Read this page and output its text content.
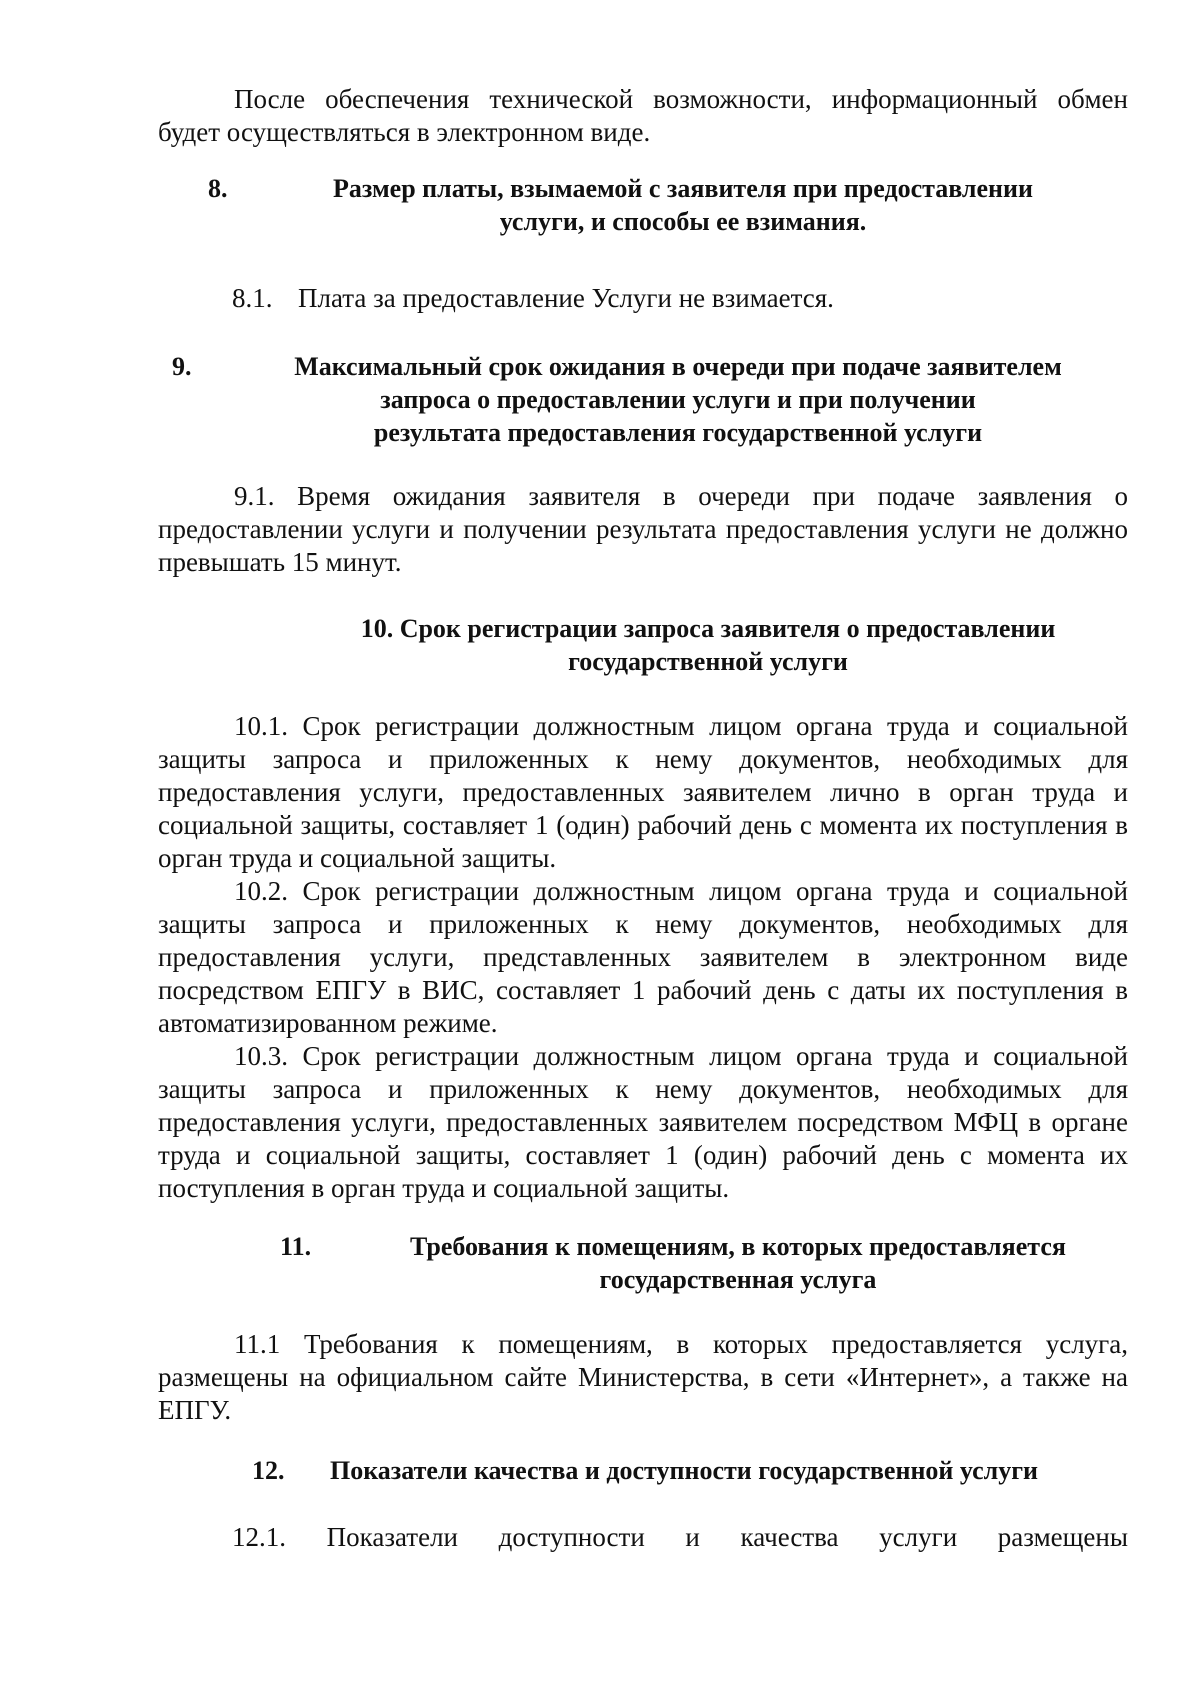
После обеспечения технической возможности, информационный обмен будет осуществляться в электронном виде.
8.	Размер платы, взымаемой с заявителя при предоставлении
услуги, и способы ее взимания.
8.1. Плата за предоставление Услуги не взимается.
9.	Максимальный срок ожидания в очереди при подаче заявителем
запроса о предоставлении услуги и при получении
результата предоставления государственной услуги
9.1. Время ожидания заявителя в очереди при подаче заявления о предоставлении услуги и получении результата предоставления услуги не должно превышать 15 минут.
10. Срок регистрации запроса заявителя о предоставлении
государственной услуги
10.1. Срок регистрации должностным лицом органа труда и социальной защиты запроса и приложенных к нему документов, необходимых для предоставления услуги, предоставленных заявителем лично в орган труда и социальной защиты, составляет 1 (один) рабочий день с момента их поступления в орган труда и социальной защиты.
10.2. Срок регистрации должностным лицом органа труда и социальной защиты запроса и приложенных к нему документов, необходимых для предоставления услуги, представленных заявителем в электронном виде посредством ЕПГУ в ВИС, составляет 1 рабочий день с даты их поступления в автоматизированном режиме.
10.3. Срок регистрации должностным лицом органа труда и социальной защиты запроса и приложенных к нему документов, необходимых для предоставления услуги, предоставленных заявителем посредством МФЦ в органе труда и социальной защиты, составляет 1 (один) рабочий день с момента их поступления в орган труда и социальной защиты.
11.	Требования к помещениям, в которых предоставляется
государственная услуга
11.1 Требования к помещениям, в которых предоставляется услуга, размещены на официальном сайте Министерства, в сети «Интернет», а также на ЕПГУ.
12. Показатели качества и доступности государственной услуги
12.1. Показатели доступности и качества услуги размещены
